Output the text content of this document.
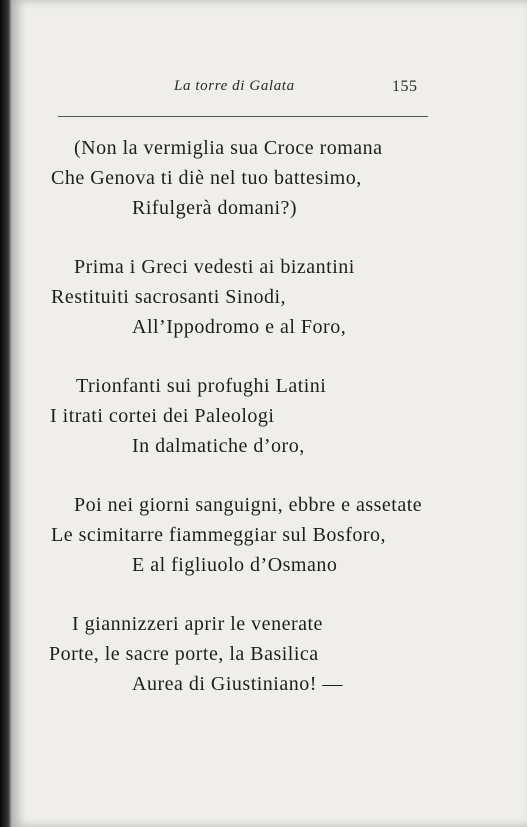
La torre di Galata	155
(Non la vermiglia sua Croce romana
Che Genova ti diè nel tuo battesimo,
Rifulgerà domani?)
Prima i Greci vedesti ai bizantini
Restituiti sacrosanti Sinodi,
All’Ippodromo e al Foro,
Trionfanti sui profughi Latini
I itrati cortei dei Paleologi
In dalmatiche d’oro,
Poi nei giorni sanguigni, ebbre e assetate
Le scimitarre fiammeggiar sul Bosforo,
E al figliuolo d’Osmano
I giannizzeri aprir le venerate
Porte, le sacre porte, la Basilica
Aurea di Giustiniano! —
